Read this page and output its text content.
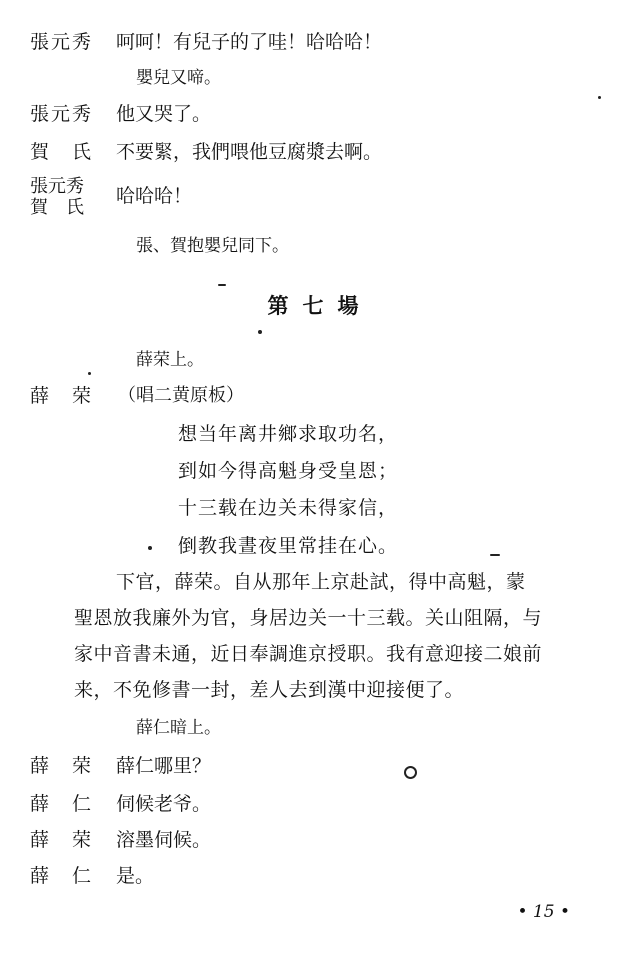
張元秀 呵呵！有兒子的了哇！哈哈哈！
嬰兒又啼。
張元秀 他又哭了。
賀　氏 不要緊，我們喂他豆腐漿去啊。
張元秀
賀　氏
哈哈哈！
張、賀抱嬰兒同下。
第七場
薛荣上。
薛　荣 （唱二黄原板）
想当年离井鄉求取功名，
到如今得高魁身受皇恩；
十三载在边关未得家信，
倒教我晝夜里常挂在心。
下官，薛荣。自从那年上京赴試，得中高魁，蒙
聖恩放我廉外为官，身居边关一十三载。关山阻隔，与
家中音書未通，近日奉調進京授职。我有意迎接二娘前
来，不免修書一封，差人去到漢中迎接便了。
薛仁暗上。
薛　荣 薛仁哪里？
薛　仁 伺候老爷。
薛　荣 溶墨伺候。
薛　仁 是。
• 15 •
